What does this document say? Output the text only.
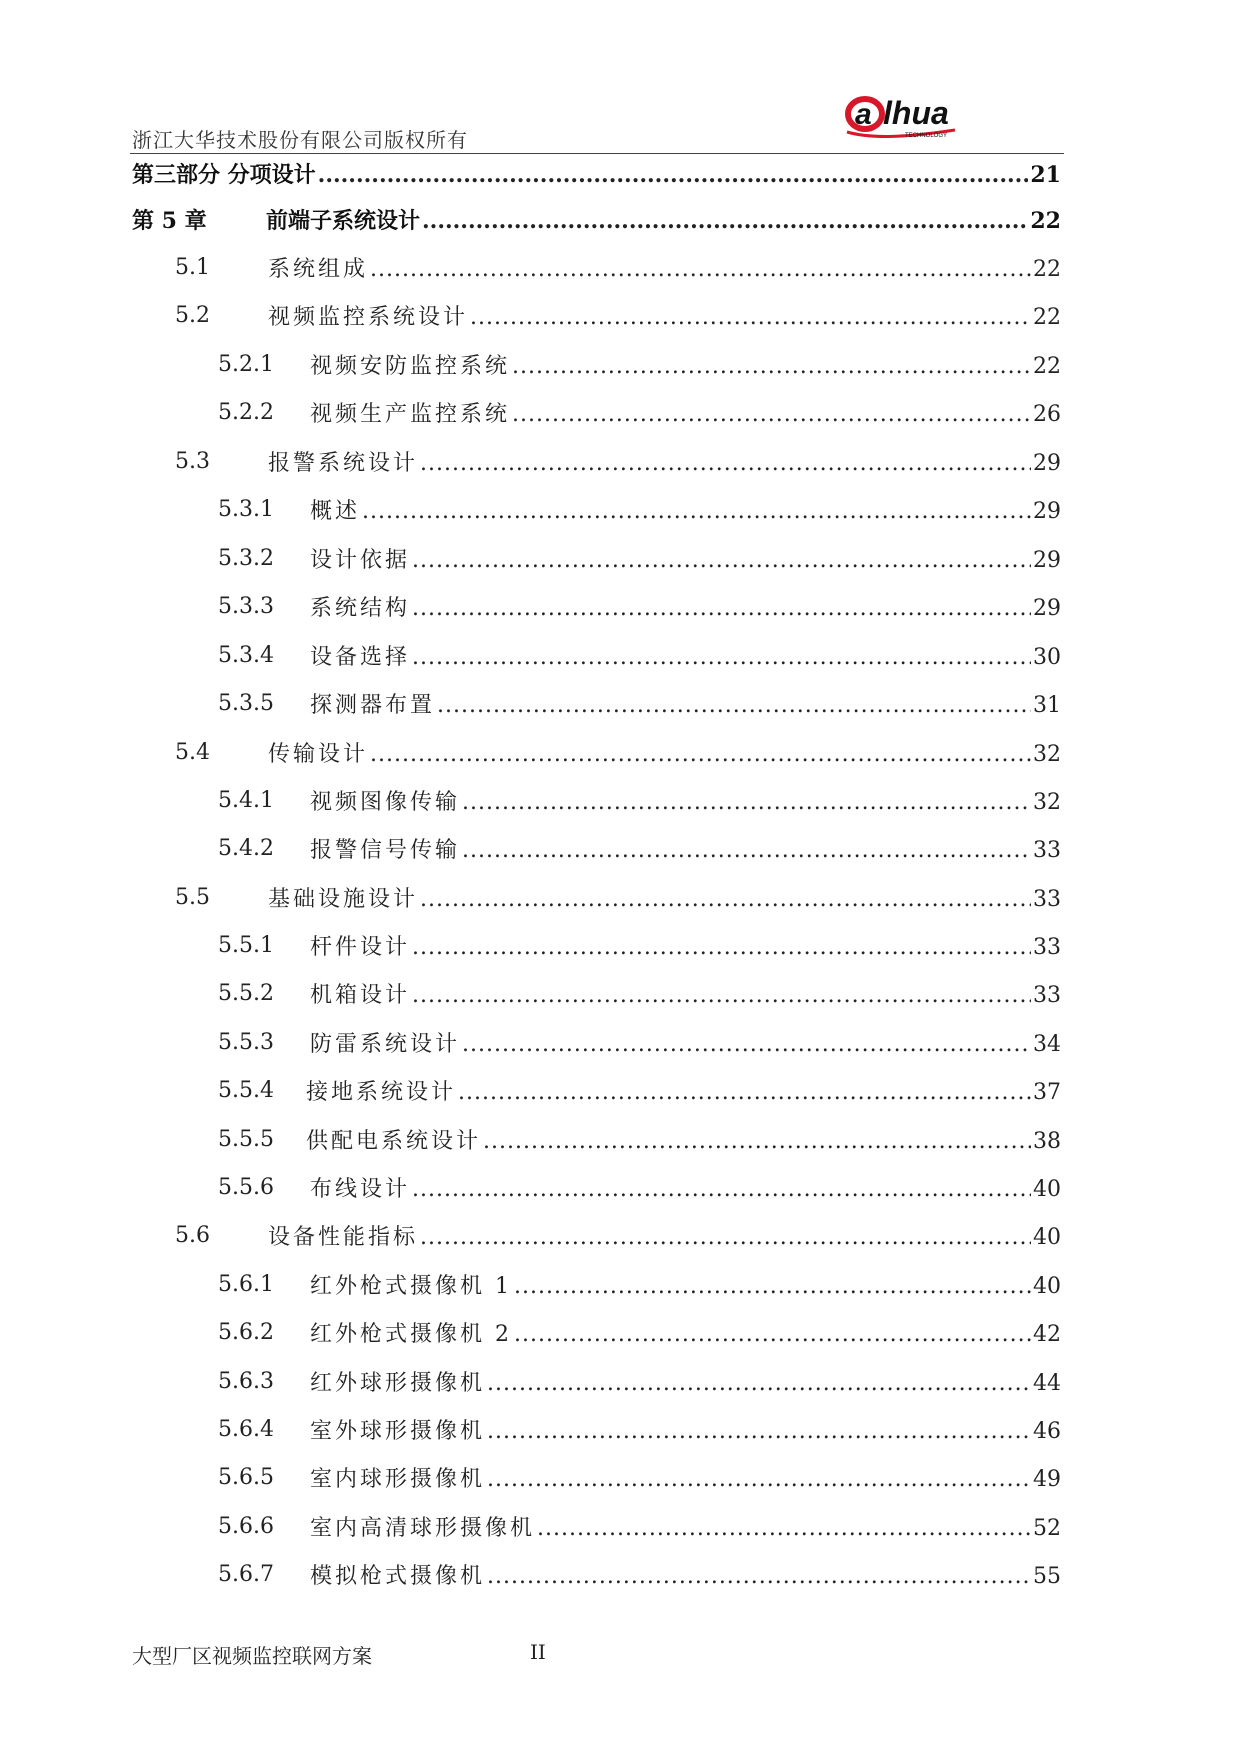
浙江大华技术股份有限公司版权所有
a lhua
TECHNOLOGY
第三部分 分项设计 .....	21
第 5 章	前端子系统设计 .....	22
5.1	系统组成 .....	22
5.2	视频监控系统设计 .....	22
5.2.1 视频安防监控系统 .....	22
5.2.2 视频生产监控系统 .....	26
5.3	报警系统设计 .....	29
5.3.1 概述 .....	29
5.3.2 设计依据 .....	29
5.3.3 系统结构 .....	29
5.3.4 设备选择 .....	30
5.3.5 探测器布置 .....	31
5.4	传输设计 .....	32
5.4.1 视频图像传输 .....	32
5.4.2 报警信号传输 .....	33
5.5	基础设施设计 .....	33
5.5.1 杆件设计 .....	33
5.5.2 机箱设计 .....	33
5.5.3 防雷系统设计 .....	34
5.5.4 接地系统设计 .....	37
5.5.5 供配电系统设计 .....	38
5.5.6 布线设计 .....	40
5.6	设备性能指标 .....	40
5.6.1 红外枪式摄像机 1 .....	40
5.6.2 红外枪式摄像机 2 .....	42
5.6.3 红外球形摄像机 .....	44
5.6.4 室外球形摄像机 .....	46
5.6.5 室内球形摄像机 .....	49
5.6.6 室内高清球形摄像机 .....	52
5.6.7 模拟枪式摄像机 .....	55
大型厂区视频监控联网方案	II
